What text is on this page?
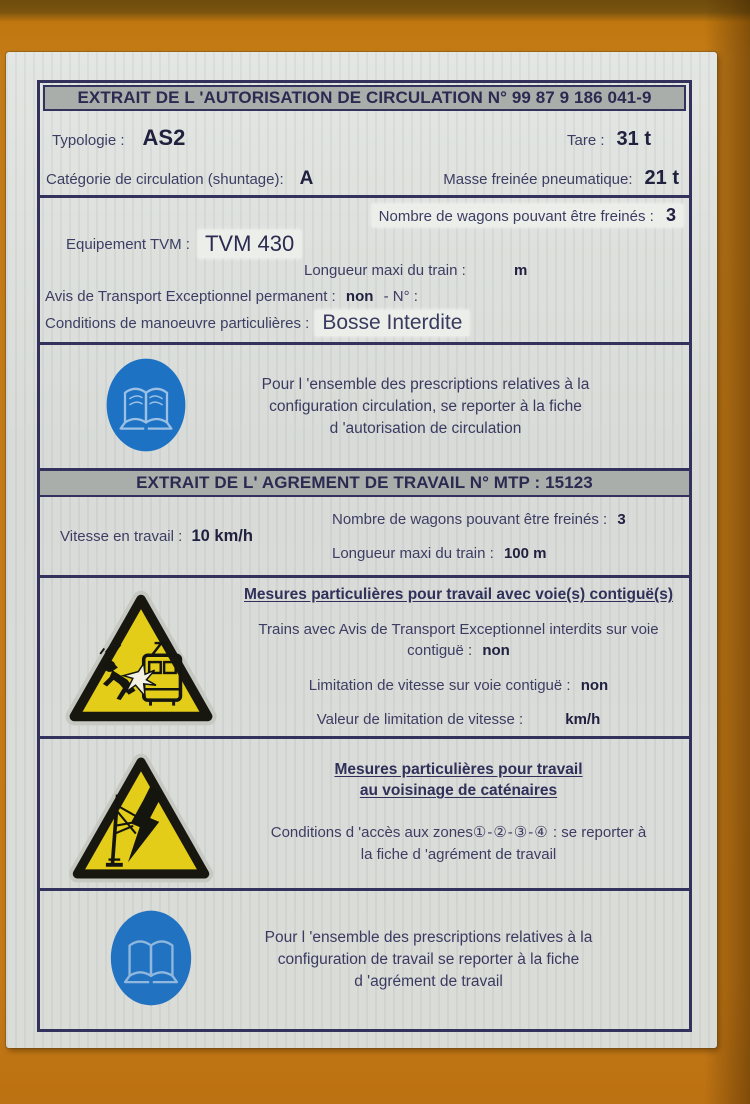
EXTRAIT DE L 'AUTORISATION DE CIRCULATION N° 99 87 9 186 041-9
Typologie : AS2	Tare : 31 t
Catégorie de circulation (shuntage): A	Masse freinée pneumatique: 21 t
Nombre de wagons pouvant être freinés : 3
Equipement TVM : TVM 430
Longueur maxi du train :	m
Avis de Transport Exceptionnel permanent : non - N° :
Conditions de manoeuvre particulières : Bosse Interdite
Pour l 'ensemble des prescriptions relatives à la
configuration circulation, se reporter à la fiche
d 'autorisation de circulation
EXTRAIT DE L' AGREMENT DE TRAVAIL N° MTP : 15123
Vitesse en travail : 10 km/h
Nombre de wagons pouvant être freinés : 3
Longueur maxi du train : 100 m
Mesures particulières pour travail avec voie(s) contiguë(s)

Trains avec Avis de Transport Exceptionnel interdits sur voie contiguë : non

Limitation de vitesse sur voie contiguë : non

Valeur de limitation de vitesse :	km/h

Mesures particulières pour travail
au voisinage de caténaires

Conditions d 'accès aux zones①-②-③-④ : se reporter à
la fiche d 'agrément de travail

Pour l 'ensemble des prescriptions relatives à la
configuration de travail se reporter à la fiche
d 'agrément de travail
